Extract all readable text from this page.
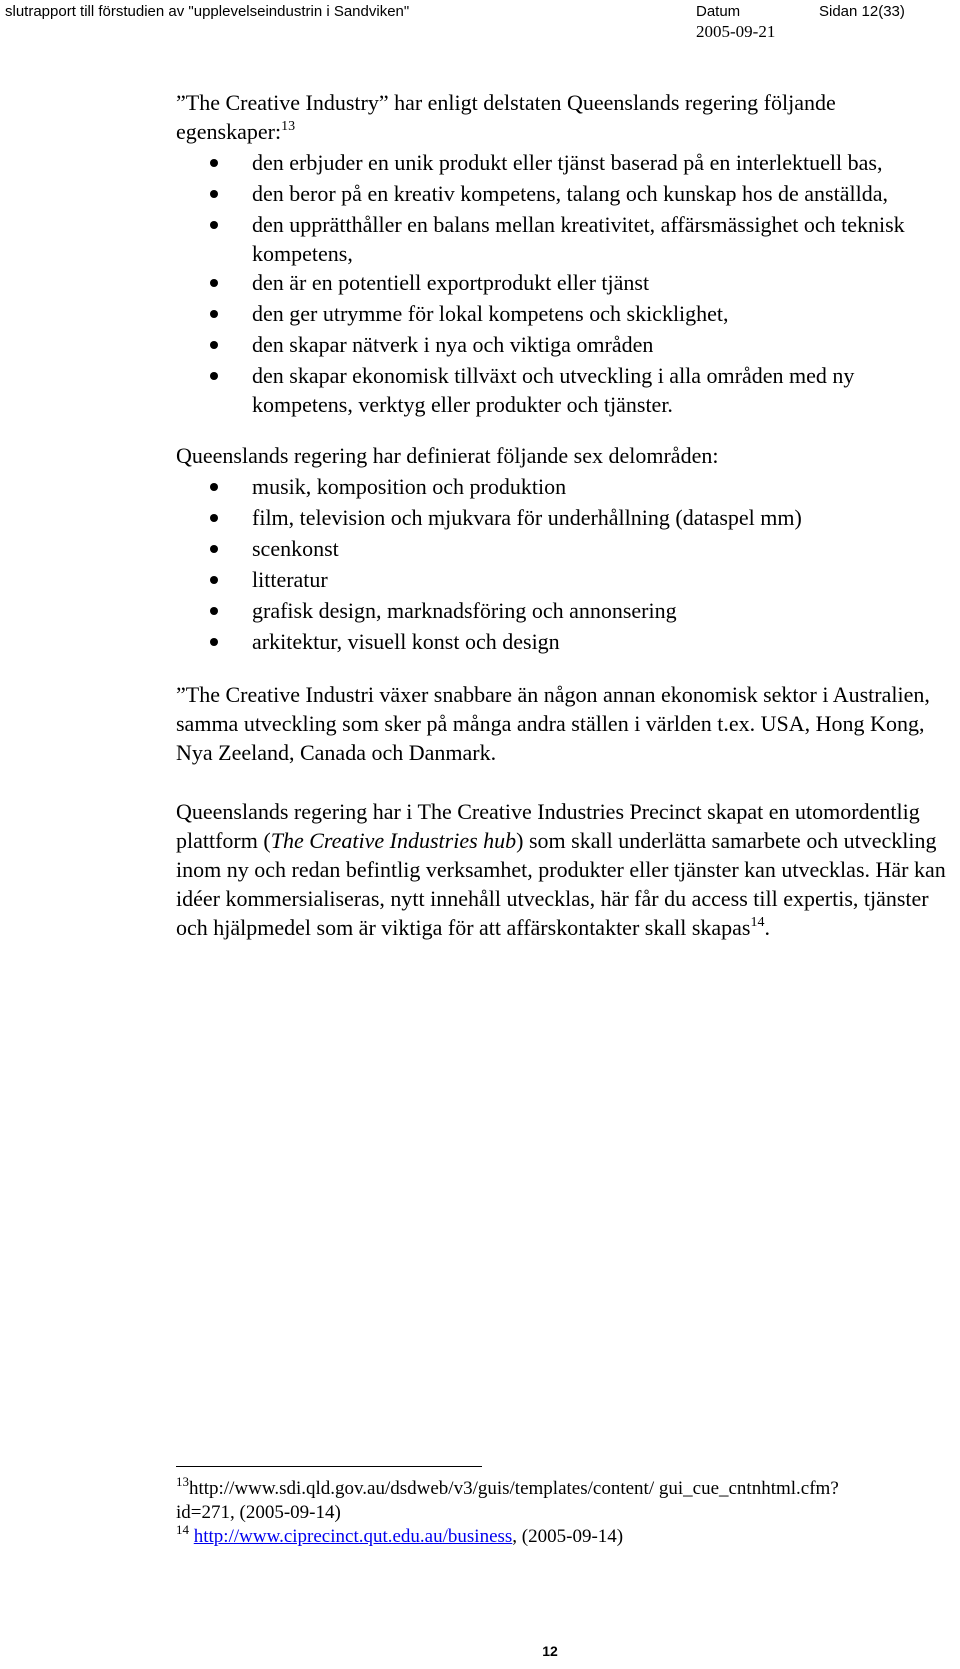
slutrapport till förstudien av "upplevelseindustrin i Sandviken"	Datum	Sidan 12(33)
2005-09-21

”The Creative Industry” har enligt delstaten Queenslands regering följande egenskaper:$^{13}$

den erbjuder en unik produkt eller tjänst baserad på en interlektuell bas,
den beror på en kreativ kompetens, talang och kunskap hos de anställda,
den upprätthåller en balans mellan kreativitet, affärsmässighet och teknisk kompetens,
den är en potentiell exportprodukt eller tjänst
den ger utrymme för lokal kompetens och skicklighet,
den skapar nätverk i nya och viktiga områden
den skapar ekonomisk tillväxt och utveckling i alla områden med ny kompetens, verktyg eller produkter och tjänster.

Queenslands regering har definierat följande sex delområden:

musik, komposition och produktion
film, television och mjukvara för underhållning (dataspel mm)
scenkonst
litteratur
grafisk design, marknadsföring och annonsering
arkitektur, visuell konst och design

”The Creative Industri växer snabbare än någon annan ekonomisk sektor i Australien, samma utveckling som sker på många andra ställen i världen t.ex. USA, Hong Kong, Nya Zeeland, Canada och Danmark.

Queenslands regering har i The Creative Industries Precinct skapat en utomordentlig plattform (The Creative Industries hub) som skall underlätta samarbete och utveckling inom ny och redan befintlig verksamhet, produkter eller tjänster kan utvecklas. Här kan idéer kommersialiseras, nytt innehåll utvecklas, här får du access till expertis, tjänster och hjälpmedel som är viktiga för att affärskontakter skall skapas$^{14}$.

$^{13}$http://www.sdi.qld.gov.au/dsdweb/v3/guis/templates/content/ gui_cue_cntnhtml.cfm?id=271, (2005-09-14)

$^{14}$ http://www.ciprecinct.qut.edu.au/business, (2005-09-14)

12
